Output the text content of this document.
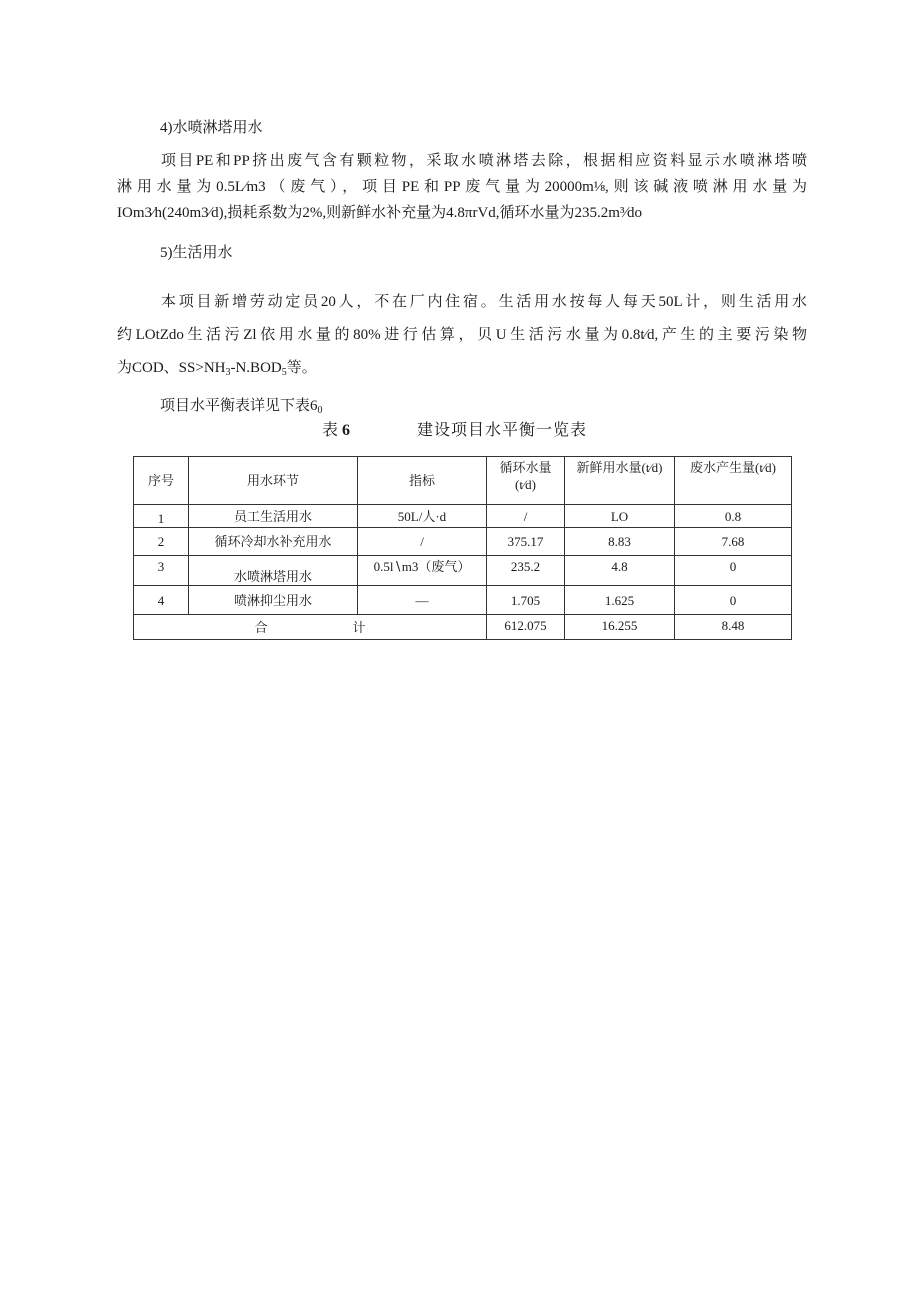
4)水喷淋塔用水
项目PE和PP挤出废气含有颗粒物，采取水喷淋塔去除，根据相应资料显示水喷淋塔喷
淋用水量为0.5L∕m3（废气），项目PE和PP废气量为20000m⅛,则该碱液喷淋用水量为
IOm3∕h(240m3∕d),损耗系数为2%,则新鲜水补充量为4.8πrVd,循环水量为235.2m³∕do
5)生活用水
本项目新增劳动定员20人，不在厂内住宿。生活用水按每人每天50L计，则生活用水
约LOtZdo生活污Zl依用水量的80%进行估算，贝U生活污水量为0.8t∕d,产生的主要污染物
为COD、$SS>NH_3-N.BOD_5$等。
项目水平衡表详见下表$6_0$
表 6	建设项目水平衡一览表
序号	用水环节	指标	循环水量(t∕d)	新鲜用水量(t∕d)	废水产生量(t∕d)
1	员工生活用水	50L/人·d	/	LO	0.8
2	循环冷却水补充用水	/	375.17	8.83	7.68
3	水喷淋塔用水	0.5l∖m3（废气）	235.2	4.8	0
4	喷淋抑尘用水	—	1.705	1.625	0
合 计			612.075	16.255	8.48
